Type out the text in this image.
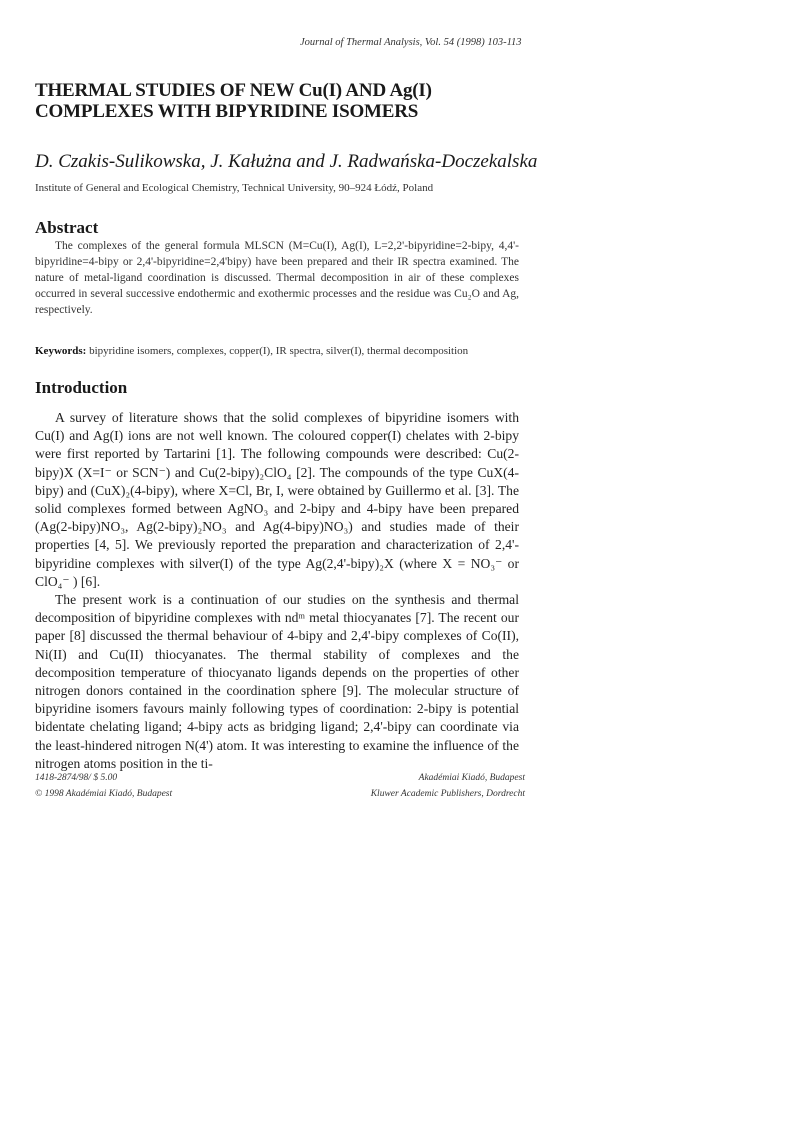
Journal of Thermal Analysis, Vol. 54 (1998) 103-113
THERMAL STUDIES OF NEW Cu(I) AND Ag(I)
COMPLEXES WITH BIPYRIDINE ISOMERS
D. Czakis-Sulikowska, J. Kałużna and J. Radwańska-Doczekalska
Institute of General and Ecological Chemistry, Technical University, 90–924 Łódź, Poland
Abstract
The complexes of the general formula MLSCN (M=Cu(I), Ag(I), L=2,2'-bipyridine=2-bipy, 4,4'-bipyridine=4-bipy or 2,4'-bipyridine=2,4'bipy) have been prepared and their IR spectra examined. The nature of metal-ligand coordination is discussed. Thermal decomposition in air of these complexes occurred in several successive endothermic and exothermic processes and the residue was Cu₂O and Ag, respectively.
Keywords: bipyridine isomers, complexes, copper(I), IR spectra, silver(I), thermal decomposition
Introduction

A survey of literature shows that the solid complexes of bipyridine isomers with Cu(I) and Ag(I) ions are not well known. The coloured copper(I) chelates with 2-bipy were first reported by Tartarini [1]. The following compounds were described: Cu(2-bipy)X (X=I⁻ or SCN⁻) and Cu(2-bipy)₂ClO₄ [2]. The compounds of the type CuX(4-bipy) and (CuX)₂(4-bipy), where X=Cl, Br, I, were obtained by Guillermo et al. [3]. The solid complexes formed between AgNO₃ and 2-bipy and 4-bipy have been prepared (Ag(2-bipy)NO₃, Ag(2-bipy)₂NO₃ and Ag(4-bipy)NO₃) and studies made of their properties [4, 5]. We previously reported the preparation and characterization of 2,4'-bipyridine complexes with silver(I) of the type Ag(2,4'-bipy)₂X (where X = NO₃⁻ or ClO₄⁻ ) [6].

The present work is a continuation of our studies on the synthesis and thermal decomposition of bipyridine complexes with ndᵐ metal thiocyanates [7]. The recent our paper [8] discussed the thermal behaviour of 4-bipy and 2,4'-bipy complexes of Co(II), Ni(II) and Cu(II) thiocyanates. The thermal stability of complexes and the decomposition temperature of thiocyanato ligands depends on the properties of other nitrogen donors contained in the coordination sphere [9]. The molecular structure of bipyridine isomers favours mainly following types of coordination: 2-bipy is potential bidentate chelating ligand; 4-bipy acts as bridging ligand; 2,4'-bipy can coordinate via the least-hindered nitrogen N(4') atom. It was interesting to examine the influence of the nitrogen atoms position in the ti-

1418-2874/98/ $ 5.00
© 1998 Akadémiai Kiadó, Budapest
Akadémiai Kiadó, Budapest
Kluwer Academic Publishers, Dordrecht
